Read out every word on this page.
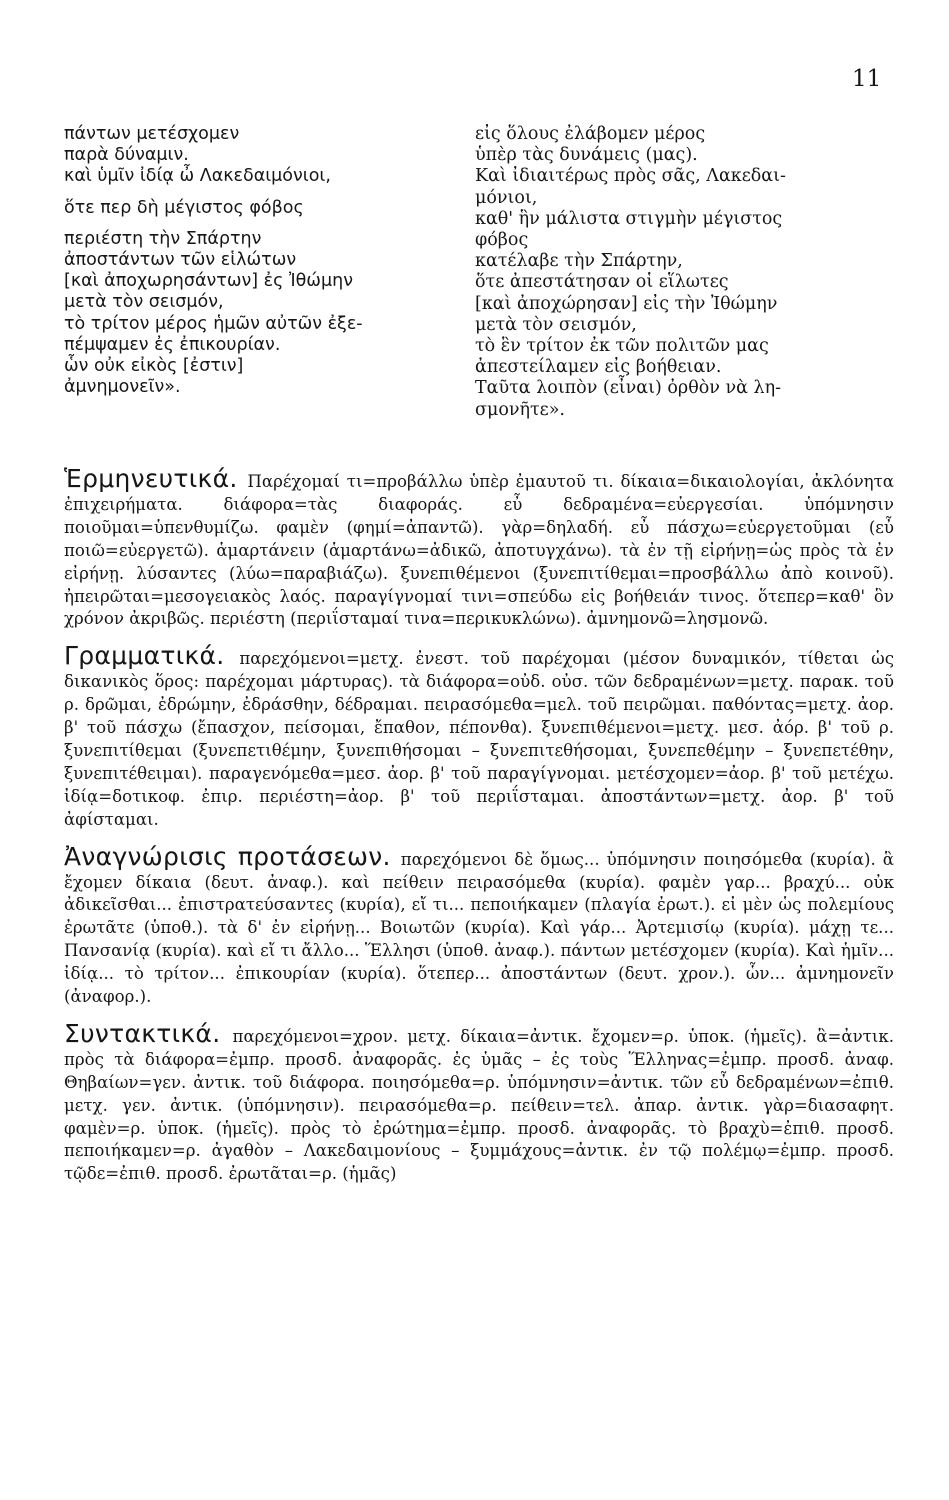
11
πάντων μετέσχομεν
παρὰ δύναμιν.
καὶ ὑμῖν ἰδίᾳ ὦ Λακεδαιμόνιοι,
ὅτε περ δὴ μέγιστος φόβος
περιέστη τὴν Σπάρτην
ἀποστάντων τῶν εἱλώτων
[καὶ ἀποχωρησάντων] ἐς Ἰθώμην
μετὰ τὸν σεισμόν,
τὸ τρίτον μέρος ἡμῶν αὐτῶν ἐξε-
πέμψαμεν ἐς ἐπικουρίαν.
ὧν οὐκ εἰκὸς [ἐστιν]
ἀμνημονεῖν».
εἰς ὅλους ἐλάβομεν μέρος
ὑπὲρ τὰς δυνάμεις (μας).
Καὶ ἰδιαιτέρως πρὸς σᾶς, Λακεδαι-
μόνιοι,
καθ' ἣν μάλιστα στιγμὴν μέγιστος
φόβος
κατέλαβε τὴν Σπάρτην,
ὅτε ἀπεστάτησαν οἱ εἵλωτες
[καὶ ἀποχώρησαν] εἰς τὴν Ἰθώμην
μετὰ τὸν σεισμόν,
τὸ ἓν τρίτον ἐκ τῶν πολιτῶν μας
ἀπεστείλαμεν εἰς βοήθειαν.
Ταῦτα λοιπὸν (εἶναι) ὀρθὸν νὰ λη-
σμονῆτε».

Ἑρμηνευτικά. Παρέχομαί τι=προβάλλω ὑπὲρ ἐμαυτοῦ τι. δίκαια=δικαιολογίαι, ἀκλόνητα ἐπιχειρήματα. διάφορα=τὰς διαφοράς. εὖ δεδραμένα=εὐεργεσίαι. ὑπόμνησιν ποιοῦμαι=ὑπενθυμίζω. φαμὲν (φημί=ἀπαντῶ). γὰρ=δηλαδή. εὖ πάσχω=εὐεργετοῦμαι (εὖ ποιῶ=εὐεργετῶ). ἁμαρτάνειν (ἁμαρτάνω=ἀδικῶ, ἀποτυγχάνω). τὰ ἐν τῇ εἰρήνῃ=ὡς πρὸς τὰ ἐν εἰρήνῃ. λύσαντες (λύω=παραβιάζω). ξυνεπιθέμενοι (ξυνεπιτίθεμαι=προσβάλλω ἀπὸ κοινοῦ). ἠπειρῶται=μεσογειακὸς λαός. παραγίγνομαί τινι=σπεύδω εἰς βοήθειάν τινος. ὅτεπερ=καθ' ὃν χρόνον ἀκριβῶς. περιέστη (περιΐσταμαί τινα=περικυκλώνω). ἀμνημονῶ=λησμονῶ.

Γραμματικά. παρεχόμενοι=μετχ. ἐνεστ. τοῦ παρέχομαι (μέσον δυναμικόν, τίθεται ὡς δικανικὸς ὅρος: παρέχομαι μάρτυρας). τὰ διάφορα=οὐδ. οὐσ. τῶν δεδραμένων=μετχ. παρακ. τοῦ ρ. δρῶμαι, ἐδρώμην, ἐδράσθην, δέδραμαι. πειρασόμεθα=μελ. τοῦ πειρῶμαι. παθόντας=μετχ. ἀορ. β' τοῦ πάσχω (ἔπασχον, πείσομαι, ἔπαθον, πέπονθα). ξυνεπιθέμενοι=μετχ. μεσ. ἀόρ. β' τοῦ ρ. ξυνεπιτίθεμαι (ξυνεπετιθέμην, ξυνεπιθήσομαι – ξυνεπιτεθήσομαι, ξυνεπεθέμην – ξυνεπετέθην, ξυνεπιτέθειμαι). παραγενόμεθα=μεσ. ἀορ. β' τοῦ παραγίγνομαι. μετέσχομεν=ἀορ. β' τοῦ μετέχω. ἰδίᾳ=δοτικοφ. ἐπιρ. περιέστη=ἀορ. β' τοῦ περιΐσταμαι. ἀποστάντων=μετχ. ἀορ. β' τοῦ ἀφίσταμαι.

Ἀναγνώρισις προτάσεων. παρεχόμενοι δὲ ὅμως... ὑπόμνησιν ποιησόμεθα (κυρία). ἃ ἔχομεν δίκαια (δευτ. ἀναφ.). καὶ πείθειν πειρασόμεθα (κυρία). φαμὲν γαρ... βραχύ... οὐκ ἀδικεῖσθαι... ἐπιστρατεύσαντες (κυρία), εἴ τι... πεποιήκαμεν (πλαγία ἐρωτ.). εἰ μὲν ὡς πολεμίους ἐρωτᾶτε (ὑποθ.). τὰ δ' ἐν εἰρήνῃ... Βοιωτῶν (κυρία). Καὶ γάρ... Ἀρτεμισίῳ (κυρία). μάχῃ τε... Πανσανίᾳ (κυρία). καὶ εἴ τι ἄλλο... Ἕλλησι (ὑποθ. ἀναφ.). πάντων μετέσχομεν (κυρία). Καὶ ἡμῖν... ἰδίᾳ... τὸ τρίτον... ἐπικουρίαν (κυρία). ὅτεπερ... ἀποστάντων (δευτ. χρον.). ὧν... ἀμνημονεῖν (ἀναφορ.).

Συντακτικά. παρεχόμενοι=χρον. μετχ. δίκαια=ἀντικ. ἔχομεν=ρ. ὑποκ. (ἡμεῖς). ἃ=ἀντικ. πρὸς τὰ διάφορα=ἐμπρ. προσδ. ἀναφορᾶς. ἐς ὑμᾶς – ἐς τοὺς Ἕλληνας=ἐμπρ. προσδ. ἀναφ. Θηβαίων=γεν. ἀντικ. τοῦ διάφορα. ποιησόμεθα=ρ. ὑπόμνησιν=ἀντικ. τῶν εὖ δεδραμένων=ἐπιθ. μετχ. γεν. ἀντικ. (ὑπόμνησιν). πειρασόμεθα=ρ. πείθειν=τελ. ἀπαρ. ἀντικ. γὰρ=διασαφητ. φαμὲν=ρ. ὑποκ. (ἡμεῖς). πρὸς τὸ ἐρώτημα=ἐμπρ. προσδ. ἀναφορᾶς. τὸ βραχὺ=ἐπιθ. προσδ. πεποιήκαμεν=ρ. ἀγαθὸν – Λακεδαιμονίους – ξυμμάχους=ἀντικ. ἐν τῷ πολέμῳ=ἐμπρ. προσδ. τῷδε=ἐπιθ. προσδ. ἐρωτᾶται=ρ. (ἡμᾶς)
